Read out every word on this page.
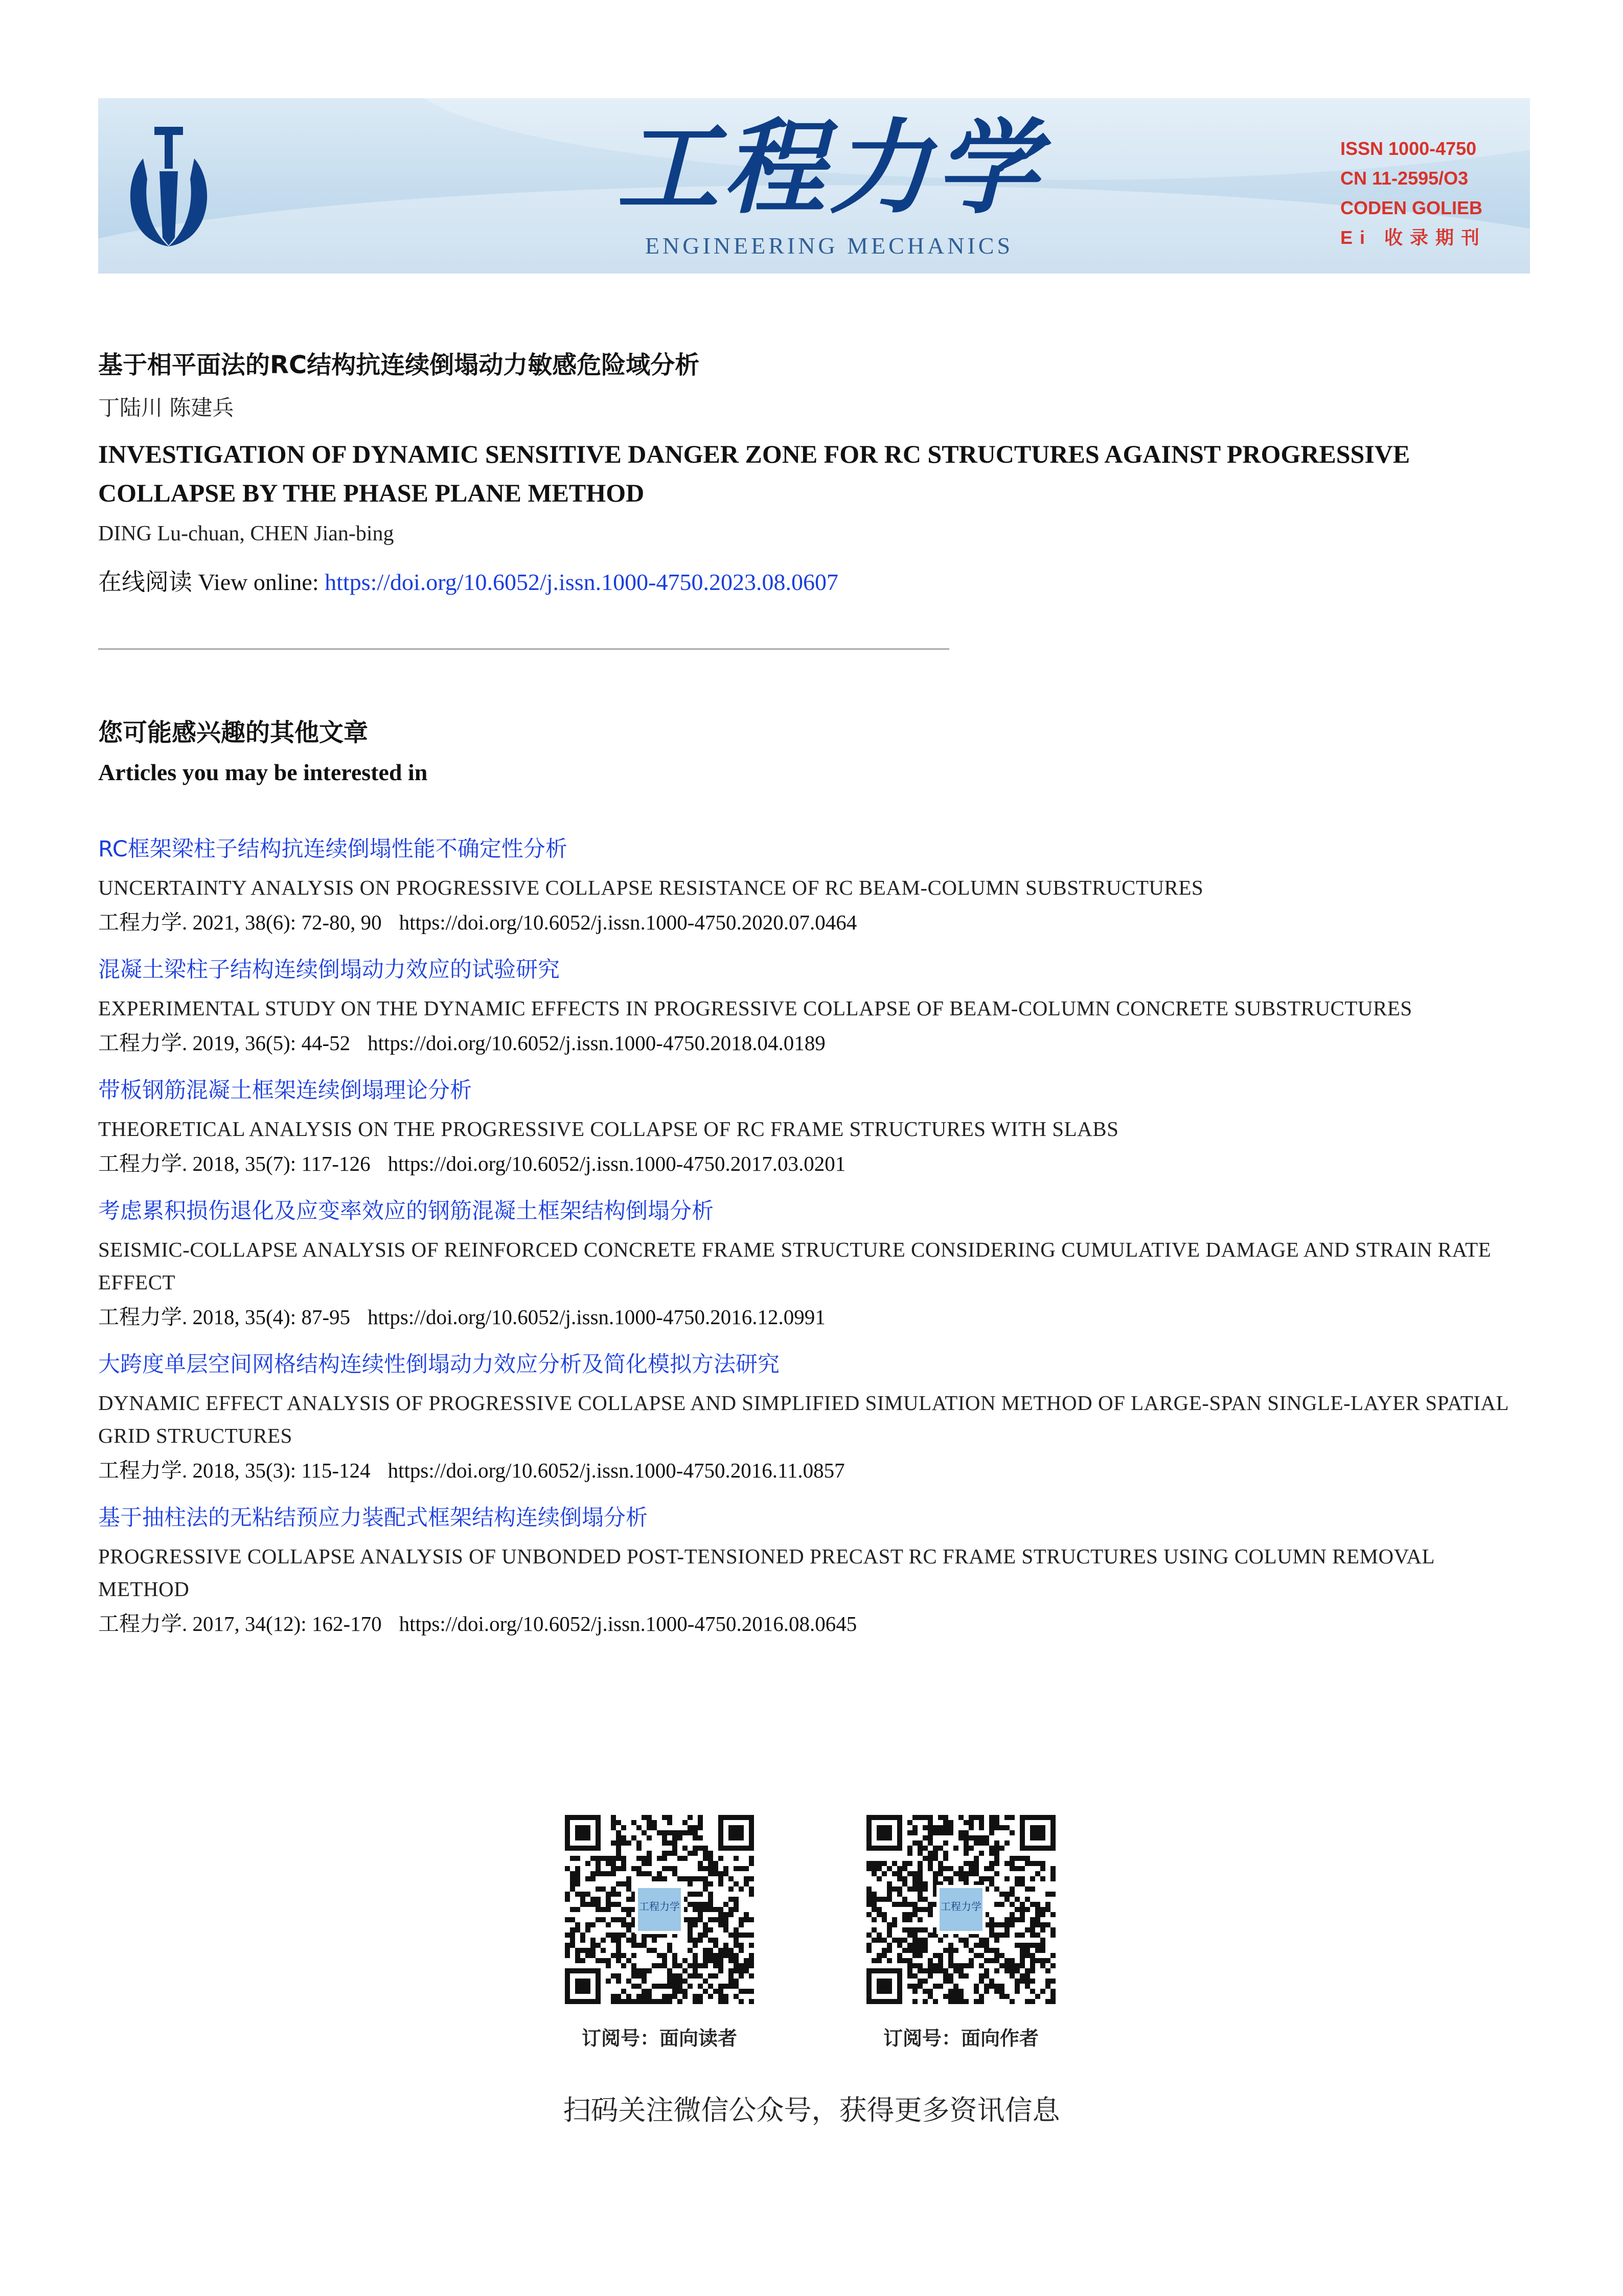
工程力学
ENGINEERING MECHANICS
ISSN 1000-4750
CN 11-2595/O3
CODEN GOLIEB
Ei 收录期刊
基于相平面法的RC结构抗连续倒塌动力敏感危险域分析
丁陆川 陈建兵
INVESTIGATION OF DYNAMIC SENSITIVE DANGER ZONE FOR RC STRUCTURES AGAINST PROGRESSIVE COLLAPSE BY THE PHASE PLANE METHOD
DING Lu-chuan, CHEN Jian-bing
在线阅读 View online: https://doi.org/10.6052/j.issn.1000-4750.2023.08.0607
您可能感兴趣的其他文章
Articles you may be interested in
RC框架梁柱子结构抗连续倒塌性能不确定性分析
UNCERTAINTY ANALYSIS ON PROGRESSIVE COLLAPSE RESISTANCE OF RC BEAM-COLUMN SUBSTRUCTURES
工程力学. 2021, 38(6): 72-80, 90 https://doi.org/10.6052/j.issn.1000-4750.2020.07.0464
混凝土梁柱子结构连续倒塌动力效应的试验研究
EXPERIMENTAL STUDY ON THE DYNAMIC EFFECTS IN PROGRESSIVE COLLAPSE OF BEAM-COLUMN CONCRETE SUBSTRUCTURES
工程力学. 2019, 36(5): 44-52 https://doi.org/10.6052/j.issn.1000-4750.2018.04.0189
带板钢筋混凝土框架连续倒塌理论分析
THEORETICAL ANALYSIS ON THE PROGRESSIVE COLLAPSE OF RC FRAME STRUCTURES WITH SLABS
工程力学. 2018, 35(7): 117-126 https://doi.org/10.6052/j.issn.1000-4750.2017.03.0201
考虑累积损伤退化及应变率效应的钢筋混凝土框架结构倒塌分析
SEISMIC-COLLAPSE ANALYSIS OF REINFORCED CONCRETE FRAME STRUCTURE CONSIDERING CUMULATIVE DAMAGE AND STRAIN RATE EFFECT
工程力学. 2018, 35(4): 87-95 https://doi.org/10.6052/j.issn.1000-4750.2016.12.0991
大跨度单层空间网格结构连续性倒塌动力效应分析及简化模拟方法研究
DYNAMIC EFFECT ANALYSIS OF PROGRESSIVE COLLAPSE AND SIMPLIFIED SIMULATION METHOD OF LARGE-SPAN SINGLE-LAYER SPATIAL GRID STRUCTURES
工程力学. 2018, 35(3): 115-124 https://doi.org/10.6052/j.issn.1000-4750.2016.11.0857
基于抽柱法的无粘结预应力装配式框架结构连续倒塌分析
PROGRESSIVE COLLAPSE ANALYSIS OF UNBONDED POST-TENSIONED PRECAST RC FRAME STRUCTURES USING COLUMN REMOVAL METHOD
工程力学. 2017, 34(12): 162-170 https://doi.org/10.6052/j.issn.1000-4750.2016.08.0645
工程力学
订阅号：面向读者
工程力学
订阅号：面向作者
扫码关注微信公众号，获得更多资讯信息
